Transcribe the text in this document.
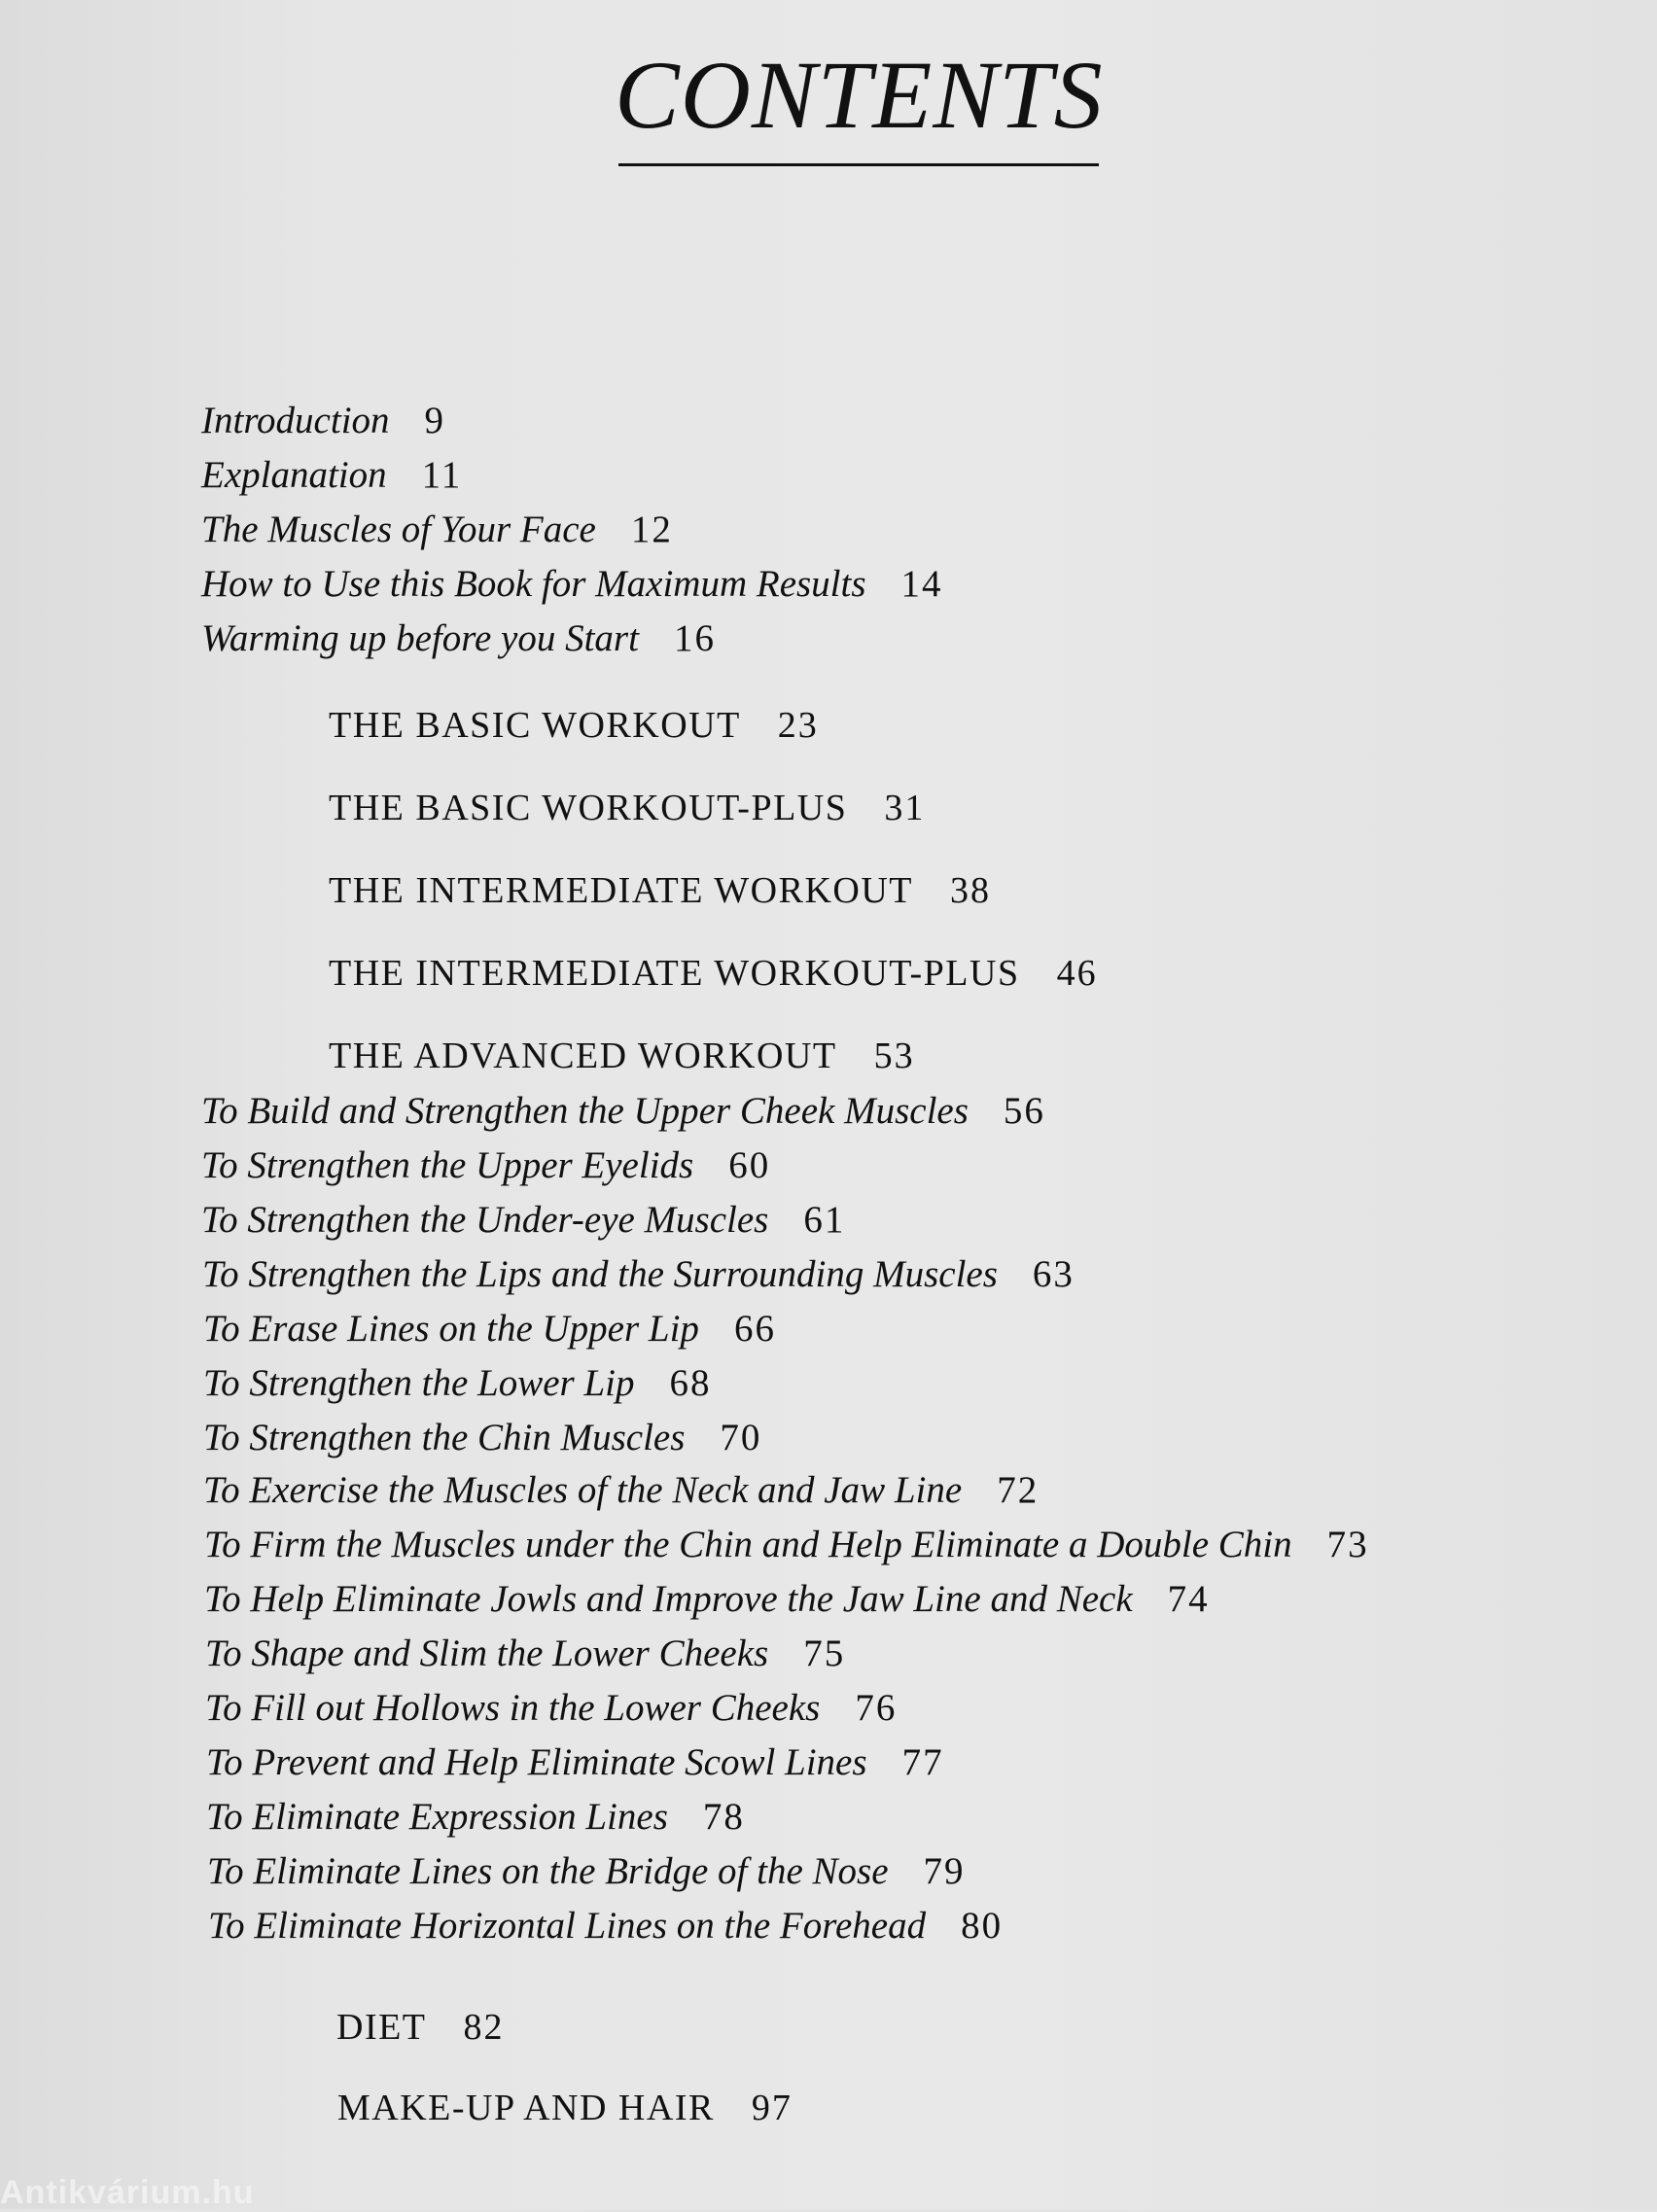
CONTENTS
Introduction 9
Explanation 11
The Muscles of Your Face 12
How to Use this Book for Maximum Results 14
Warming up before you Start 16
THE BASIC WORKOUT 23
THE BASIC WORKOUT-PLUS 31
THE INTERMEDIATE WORKOUT 38
THE INTERMEDIATE WORKOUT-PLUS 46
THE ADVANCED WORKOUT 53
To Build and Strengthen the Upper Cheek Muscles 56
To Strengthen the Upper Eyelids 60
To Strengthen the Under-eye Muscles 61
To Strengthen the Lips and the Surrounding Muscles 63
To Erase Lines on the Upper Lip 66
To Strengthen the Lower Lip 68
To Strengthen the Chin Muscles 70
To Exercise the Muscles of the Neck and Jaw Line 72
To Firm the Muscles under the Chin and Help Eliminate a Double Chin 73
To Help Eliminate Jowls and Improve the Jaw Line and Neck 74
To Shape and Slim the Lower Cheeks 75
To Fill out Hollows in the Lower Cheeks 76
To Prevent and Help Eliminate Scowl Lines 77
To Eliminate Expression Lines 78
To Eliminate Lines on the Bridge of the Nose 79
To Eliminate Horizontal Lines on the Forehead 80
DIET 82
MAKE-UP AND HAIR 97
Antikvárium.hu
